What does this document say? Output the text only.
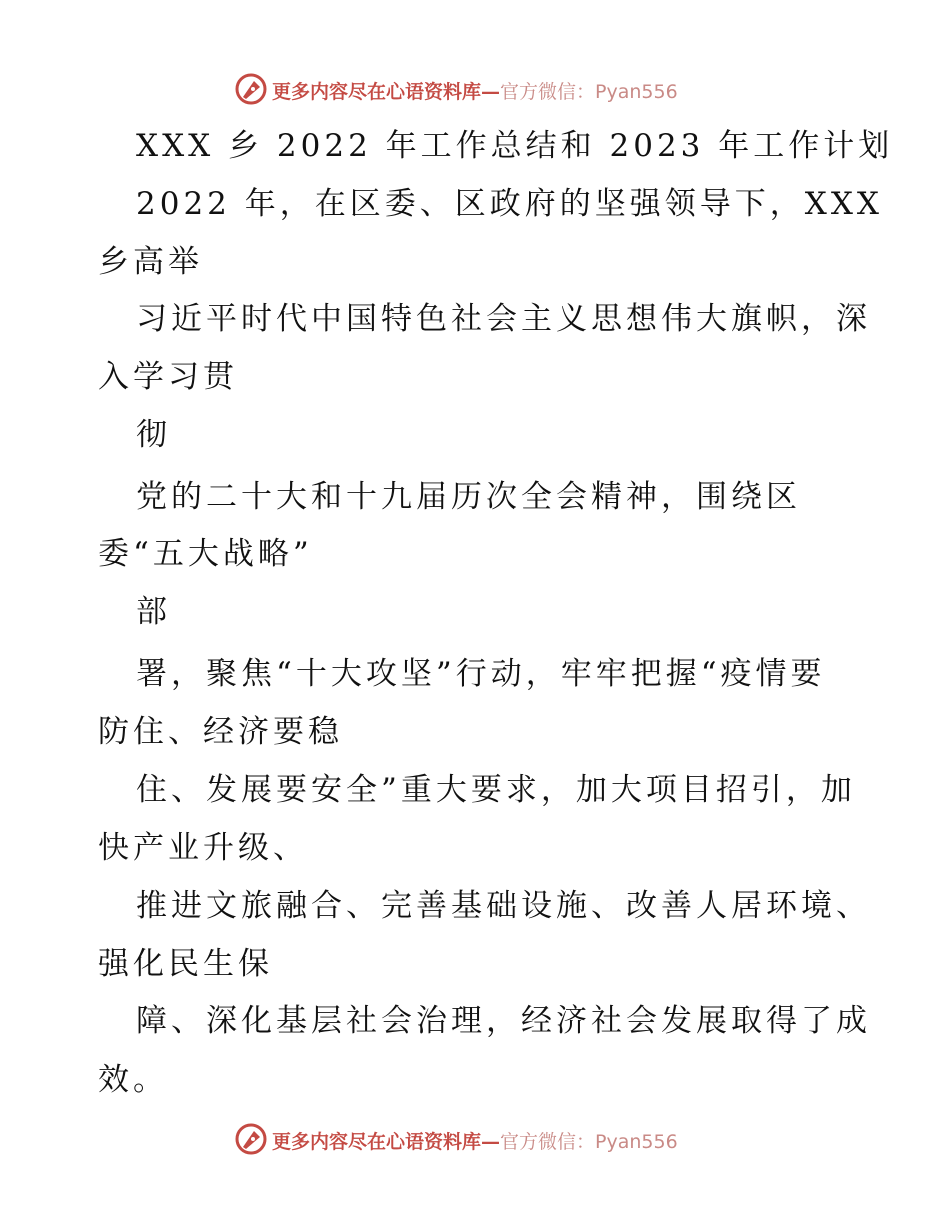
更多内容尽在心语资料库—官方微信：Pyan556

XXX 乡 2022 年工作总结和 2023 年工作计划

2022 年，在区委、区政府的坚强领导下，XXX

乡高举

习近平时代中国特色社会主义思想伟大旗帜，深

入学习贯

彻

党的二十大和十九届历次全会精神，围绕区

委“五大战略”

部

署，聚焦“十大攻坚”行动，牢牢把握“疫情要

防住、经济要稳

住、发展要安全”重大要求，加大项目招引，加

快产业升级、

推进文旅融合、完善基础设施、改善人居环境、

强化民生保

障、深化基层社会治理，经济社会发展取得了成

效。

更多内容尽在心语资料库—官方微信：Pyan556
